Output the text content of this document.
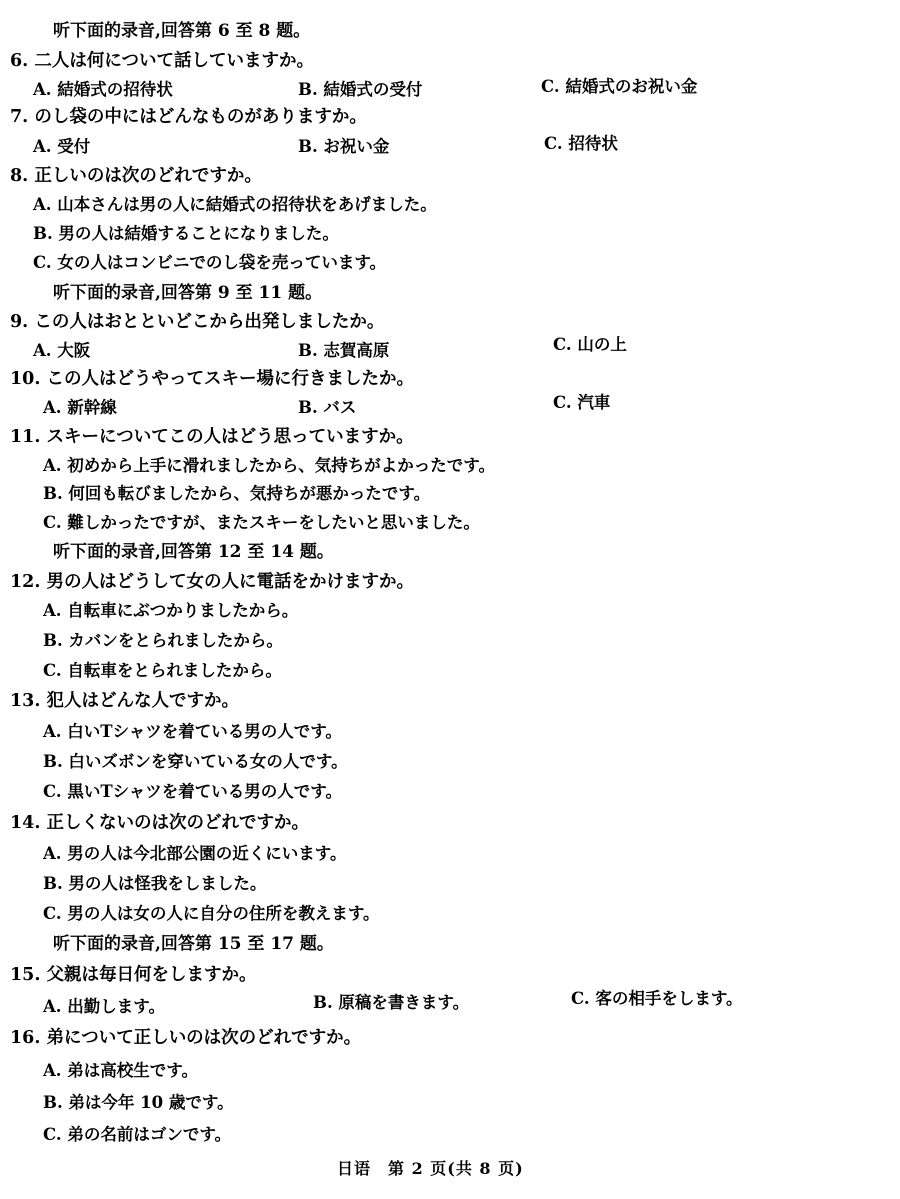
听下面的录音,回答第 6 至 8 题。
6. 二人は何について話していますか。
A. 結婚式の招待状	B. 結婚式の受付	C. 結婚式のお祝い金
7. のし袋の中にはどんなものがありますか。
A. 受付	B. お祝い金	C. 招待状
8. 正しいのは次のどれですか。
A. 山本さんは男の人に結婚式の招待状をあげました。
B. 男の人は結婚することになりました。
C. 女の人はコンビニでのし袋を売っています。
听下面的录音,回答第 9 至 11 题。
9. この人はおとといどこから出発しましたか。
A. 大阪	B. 志賀高原	C. 山の上
10. この人はどうやってスキー場に行きましたか。
A. 新幹線	B. バス	C. 汽車
11. スキーについてこの人はどう思っていますか。
A. 初めから上手に滑れましたから、気持ちがよかったです。
B. 何回も転びましたから、気持ちが悪かったです。
C. 難しかったですが、またスキーをしたいと思いました。
听下面的录音,回答第 12 至 14 题。
12. 男の人はどうして女の人に電話をかけますか。
A. 自転車にぶつかりましたから。
B. カバンをとられましたから。
C. 自転車をとられましたから。
13. 犯人はどんな人ですか。
A. 白いTシャツを着ている男の人です。
B. 白いズボンを穿いている女の人です。
C. 黒いTシャツを着ている男の人です。
14. 正しくないのは次のどれですか。
A. 男の人は今北部公園の近くにいます。
B. 男の人は怪我をしました。
C. 男の人は女の人に自分の住所を教えます。
听下面的录音,回答第 15 至 17 题。
15. 父親は毎日何をしますか。
A. 出勤します。	B. 原稿を書きます。	C. 客の相手をします。
16. 弟について正しいのは次のどれですか。
A. 弟は高校生です。
B. 弟は今年 10 歳です。
C. 弟の名前はゴンです。
日语　第 2 页(共 8 页)
